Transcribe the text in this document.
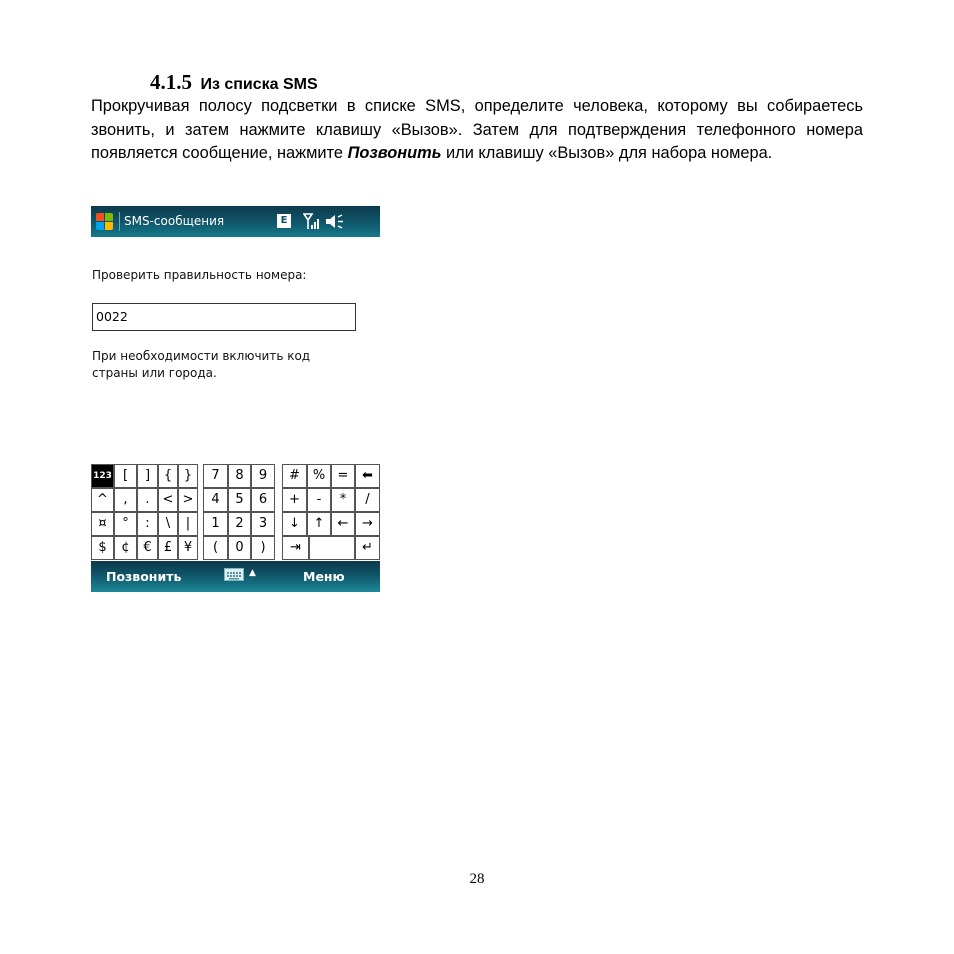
4.1.5 Из списка SMS
Прокручивая полосу подсветки в списке SMS, определите человека, которому вы собираетесь звонить, и затем нажмите клавишу «Вызов». Затем для подтверждения телефонного номера появляется сообщение, нажмите Позвонить или клавишу «Вызов» для набора номера.
SMS-сообщения	E
Проверить правильность номера:
0022
При необходимости включить код страны или города.
123 [	]	{ }	7	8	9	# % =	⬅
^	,	. < >	4	5	6	+	-	*	/
¤	°	:	\	|	1	2	3	↓	↑	←	→
$	¢	€ £ ¥	(	0	)	⇥	↵
Позвонить	▲	Меню
28
